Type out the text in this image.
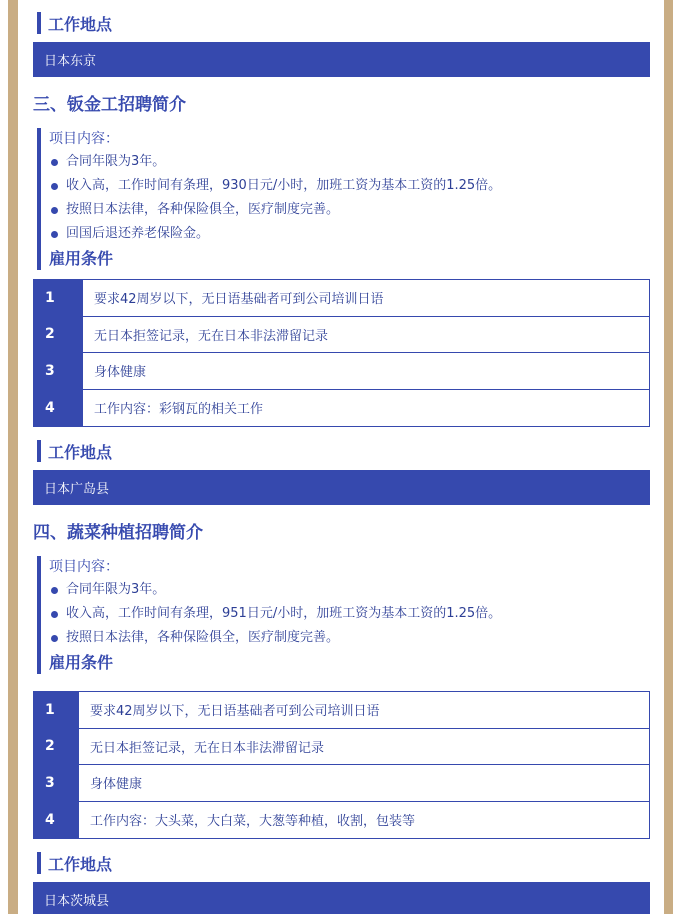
工作地点
日本东京
三、钣金工招聘简介
项目内容：
合同年限为3年。
收入高，工作时间有条理，930日元/小时，加班工资为基本工资的1.25倍。
按照日本法律，各种保险俱全，医疗制度完善。
回国后退还养老保险金。
雇用条件
1	要求42周岁以下，无日语基础者可到公司培训日语
2	无日本拒签记录，无在日本非法滞留记录
3	身体健康
4	工作内容：彩钢瓦的相关工作
工作地点
日本广岛县
四、蔬菜种植招聘简介
项目内容：
合同年限为3年。
收入高，工作时间有条理，951日元/小时，加班工资为基本工资的1.25倍。
按照日本法律，各种保险俱全，医疗制度完善。
雇用条件
1	要求42周岁以下，无日语基础者可到公司培训日语
2	无日本拒签记录，无在日本非法滞留记录
3	身体健康
4	工作内容：大头菜，大白菜，大葱等种植，收割，包装等
工作地点
日本茨城县
